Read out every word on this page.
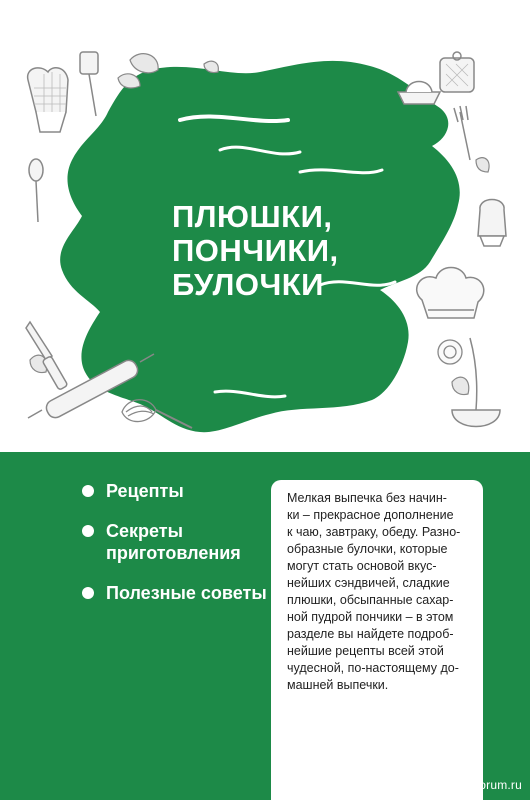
ПЛЮШКИ,
ПОНЧИКИ,
БУЛОЧКИ
Рецепты
Секреты приготовления
Полезные советы

Мелкая выпечка без начин-
ки – прекрасное дополнение
к чаю, завтраку, обеду. Разно-
образные булочки, которые
могут стать основой вкус-
нейших сэндвичей, сладкие
плюшки, обсыпанные сахар-
ной пудрой пончики – в этом
разделе вы найдете подроб-
нейшие рецепты всей этой
чудесной, по-настоящему до-
машней выпечки.

PassionForum.ru
